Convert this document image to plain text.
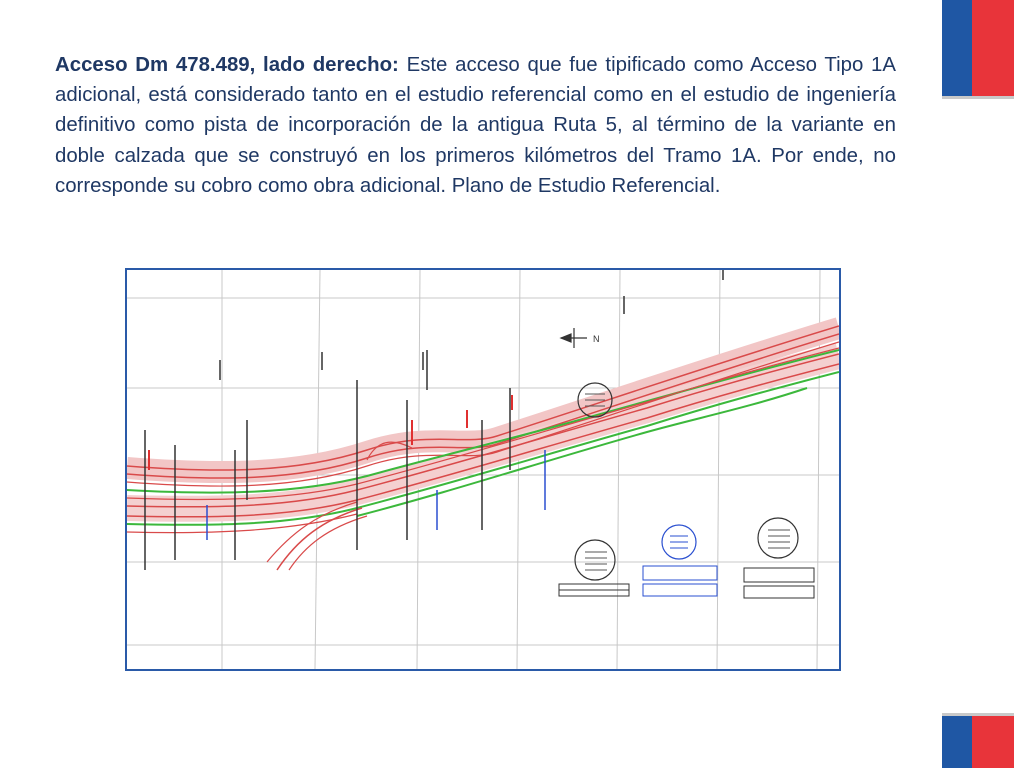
Acceso Dm 478.489, lado derecho: Este acceso que fue tipificado como Acceso Tipo 1A adicional, está considerado tanto en el estudio referencial como en el estudio de ingeniería definitivo como pista de incorporación de la antigua Ruta 5, al término de la variante en doble calzada que se construyó en los primeros kilómetros del Tramo 1A. Por ende, no corresponde su cobro como obra adicional. Plano de Estudio Referencial.

N
